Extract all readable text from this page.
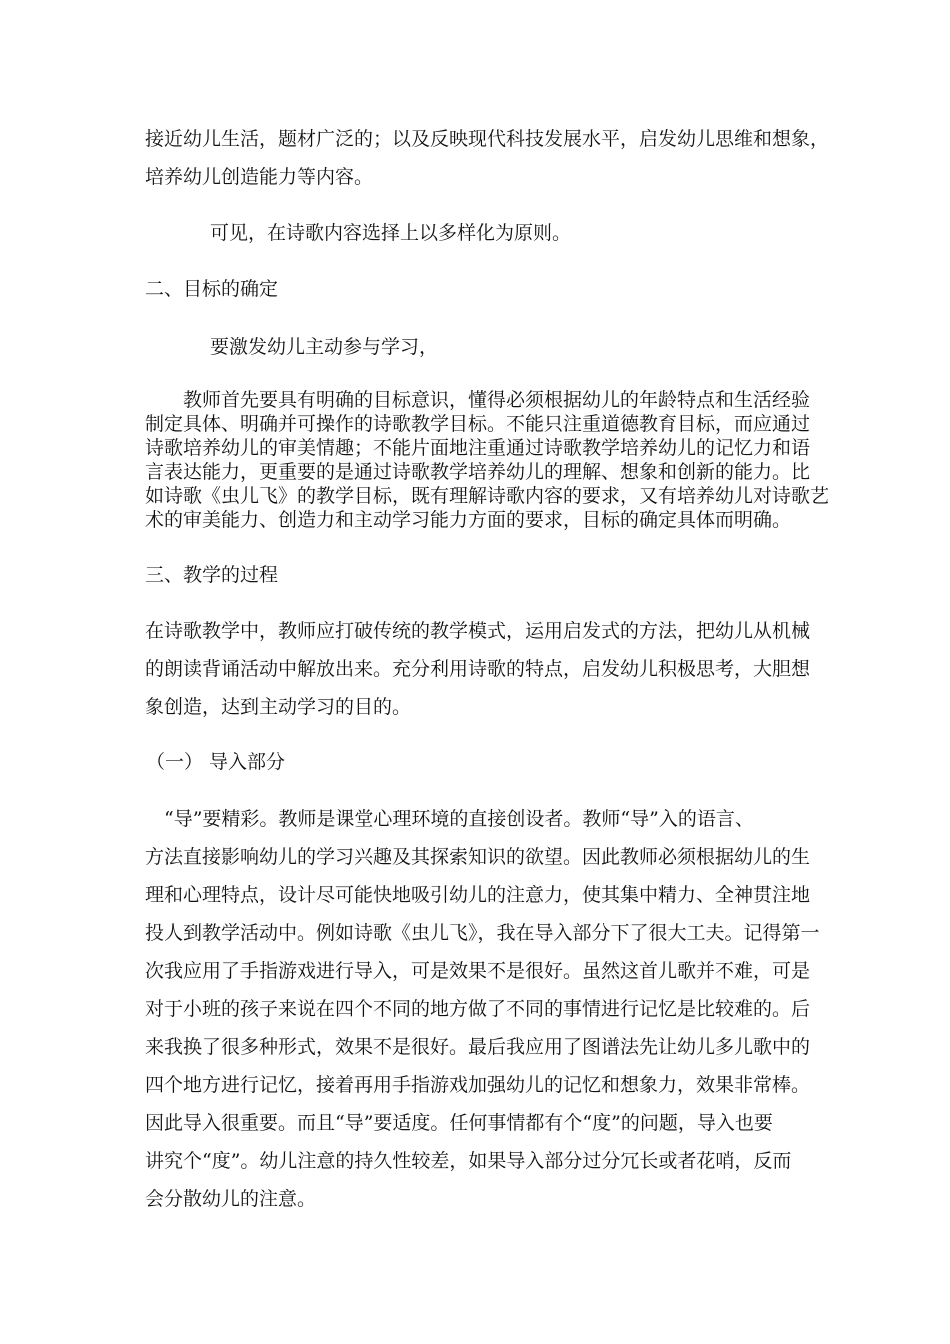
接近幼儿生活，题材广泛的；以及反映现代科技发展水平，启发幼儿思维和想象，
培养幼儿创造能力等内容。
可见，在诗歌内容选择上以多样化为原则。
二、目标的确定
要激发幼儿主动参与学习，
教师首先要具有明确的目标意识，懂得必须根据幼儿的年龄特点和生活经验
制定具体、明确并可操作的诗歌教学目标。不能只注重道德教育目标，而应通过
诗歌培养幼儿的审美情趣；不能片面地注重通过诗歌教学培养幼儿的记忆力和语
言表达能力，更重要的是通过诗歌教学培养幼儿的理解、想象和创新的能力。比
如诗歌《虫儿飞》的教学目标，既有理解诗歌内容的要求，又有培养幼儿对诗歌艺
术的审美能力、创造力和主动学习能力方面的要求，目标的确定具体而明确。
三、教学的过程
在诗歌教学中，教师应打破传统的教学模式，运用启发式的方法，把幼儿从机械
的朗读背诵活动中解放出来。充分利用诗歌的特点，启发幼儿积极思考，大胆想
象创造，达到主动学习的目的。
（一） 导入部分
　“导”要精彩。教师是课堂心理环境的直接创设者。教师“导”入的语言、
方法直接影响幼儿的学习兴趣及其探索知识的欲望。因此教师必须根据幼儿的生
理和心理特点，设计尽可能快地吸引幼儿的注意力，使其集中精力、全神贯注地
投人到教学活动中。例如诗歌《虫儿飞》，我在导入部分下了很大工夫。记得第一
次我应用了手指游戏进行导入，可是效果不是很好。虽然这首儿歌并不难，可是
对于小班的孩子来说在四个不同的地方做了不同的事情进行记忆是比较难的。后
来我换了很多种形式，效果不是很好。最后我应用了图谱法先让幼儿多儿歌中的
四个地方进行记忆，接着再用手指游戏加强幼儿的记忆和想象力，效果非常棒。
因此导入很重要。而且“导”要适度。任何事情都有个“度”的问题，导入也要
讲究个“度”。幼儿注意的持久性较差，如果导入部分过分冗长或者花哨，反而
会分散幼儿的注意。
